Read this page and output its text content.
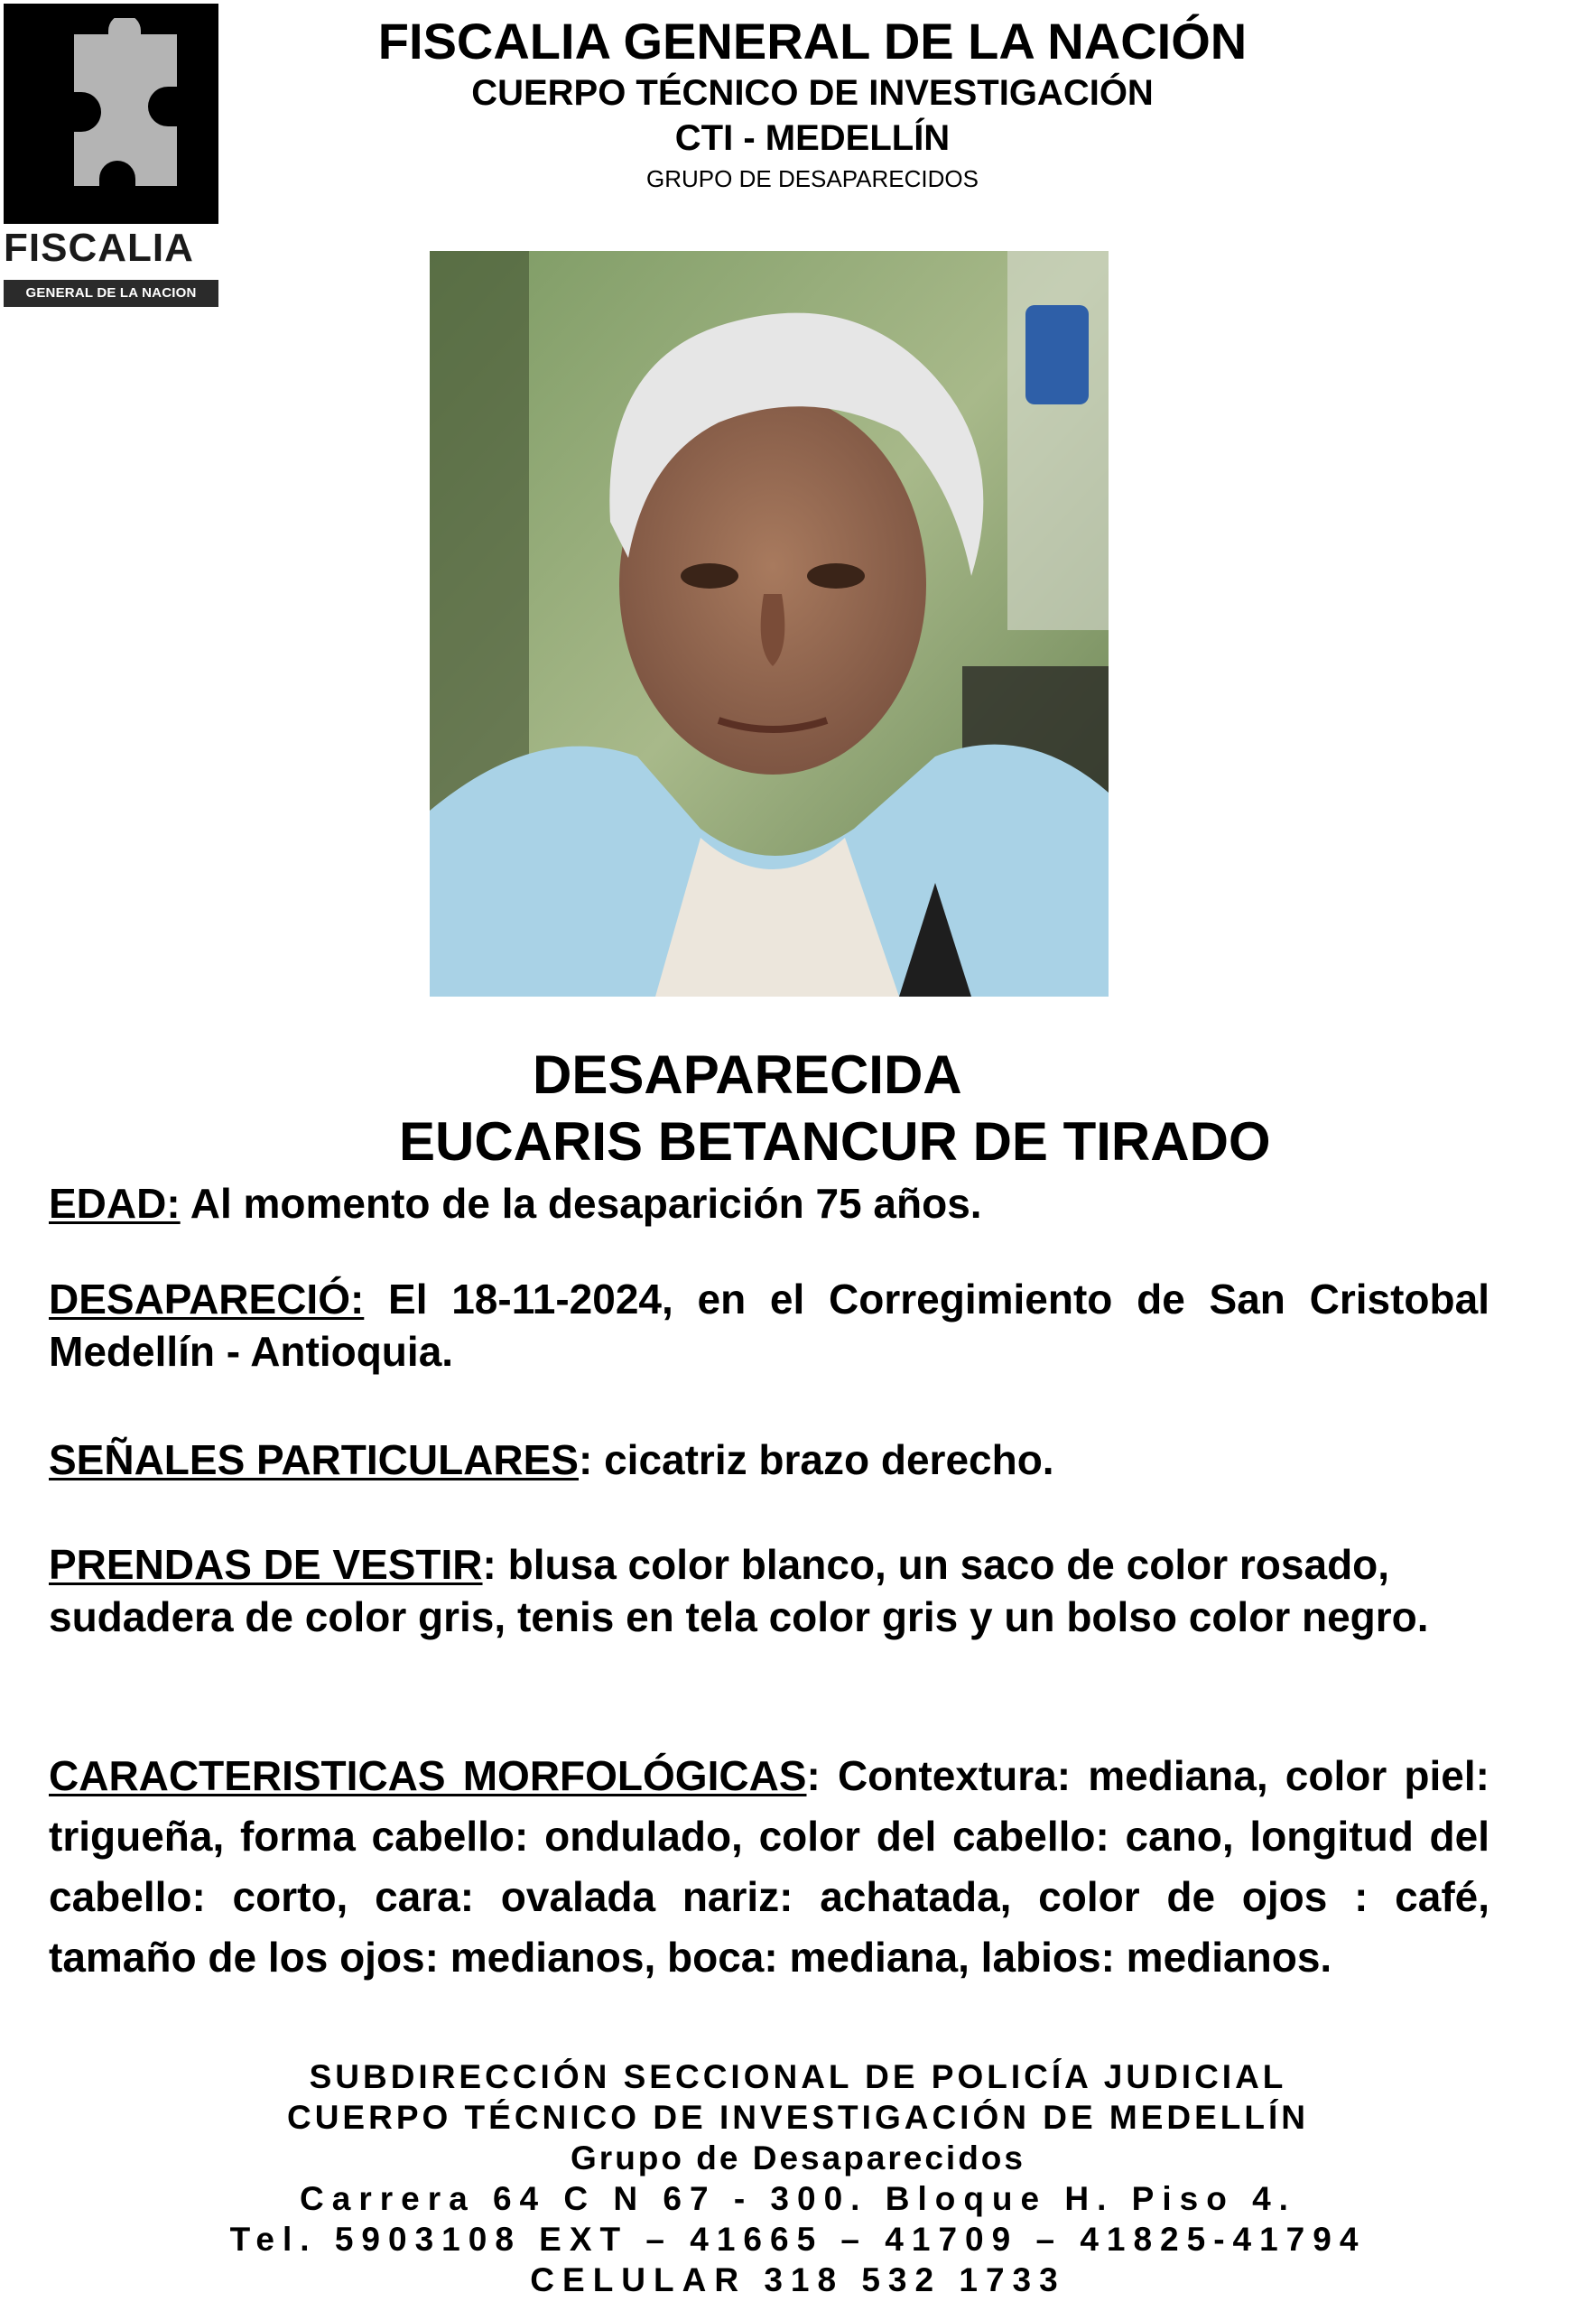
FISCALIA
GENERAL DE LA NACION
FISCALIA GENERAL DE LA NACIÓN
CUERPO TÉCNICO DE INVESTIGACIÓN
CTI - MEDELLÍN
GRUPO DE DESAPARECIDOS
DESAPARECIDA
EUCARIS BETANCUR DE TIRADO
EDAD: Al momento de la desaparición 75 años.
DESAPARECIÓ: El 18-11-2024, en el Corregimiento de San Cristobal Medellín - Antioquia.
SEÑALES PARTICULARES: cicatriz brazo derecho.
PRENDAS DE VESTIR: blusa color blanco, un saco de color rosado, sudadera de color gris, tenis en tela color gris y un bolso color negro.
CARACTERISTICAS MORFOLÓGICAS: Contextura: mediana, color piel: trigueña, forma cabello: ondulado, color del cabello: cano, longitud del cabello: corto, cara: ovalada nariz: achatada, color de ojos : café, tamaño de los ojos: medianos, boca: mediana, labios: medianos.
SUBDIRECCIÓN SECCIONAL DE POLICÍA JUDICIAL
CUERPO TÉCNICO DE INVESTIGACIÓN DE MEDELLÍN
Grupo de Desaparecidos
Carrera 64 C N 67 - 300. Bloque H. Piso 4.
Tel. 5903108 EXT – 41665 – 41709 – 41825-41794
CELULAR 318 532 1733
